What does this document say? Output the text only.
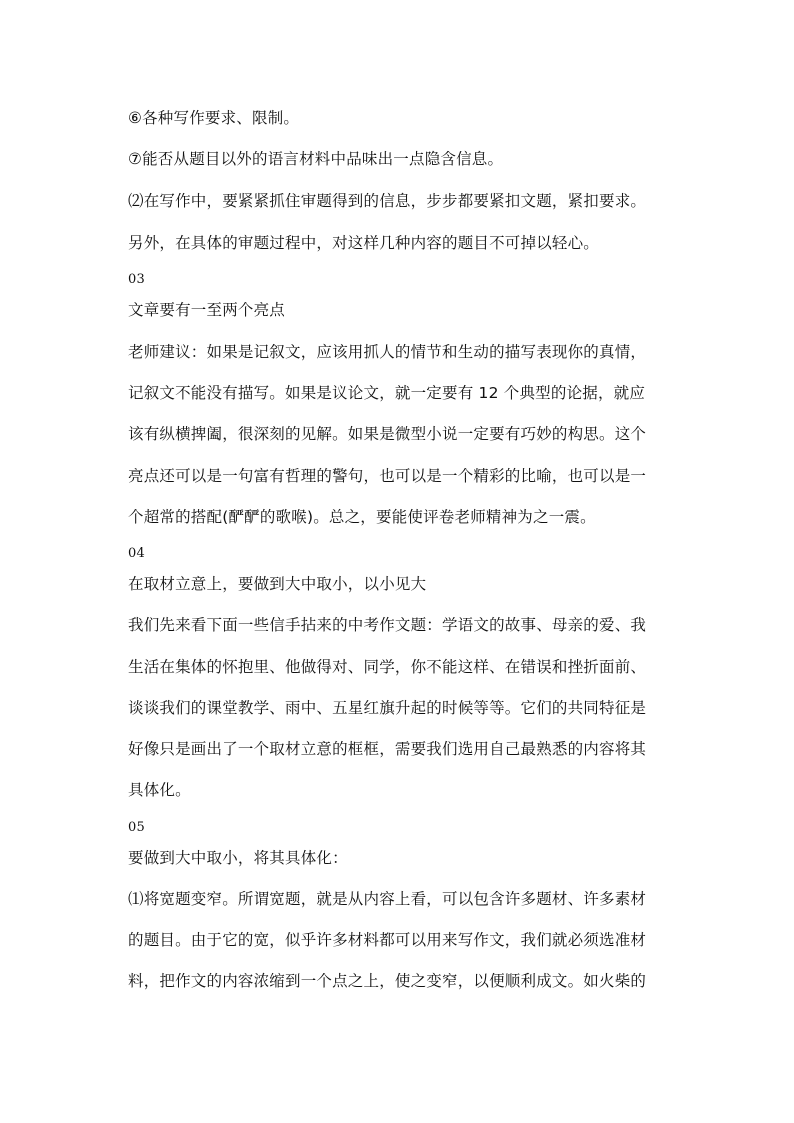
⑥各种写作要求、限制。
⑦能否从题目以外的语言材料中品味出一点隐含信息。
⑵在写作中，要紧紧抓住审题得到的信息，步步都要紧扣文题，紧扣要求。
另外，在具体的审题过程中，对这样几种内容的题目不可掉以轻心。
03
文章要有一至两个亮点
老师建议：如果是记叙文，应该用抓人的情节和生动的描写表现你的真情，
记叙文不能没有描写。如果是议论文，就一定要有 12 个典型的论据，就应
该有纵横捭阖，很深刻的见解。如果是微型小说一定要有巧妙的构思。这个
亮点还可以是一句富有哲理的警句，也可以是一个精彩的比喻，也可以是一
个超常的搭配(酽酽的歌喉)。总之，要能使评卷老师精神为之一震。
04
在取材立意上，要做到大中取小，以小见大
我们先来看下面一些信手拈来的中考作文题：学语文的故事、母亲的爱、我
生活在集体的怀抱里、他做得对、同学，你不能这样、在错误和挫折面前、
谈谈我们的课堂教学、雨中、五星红旗升起的时候等等。它们的共同特征是
好像只是画出了一个取材立意的框框，需要我们选用自己最熟悉的内容将其
具体化。
05
要做到大中取小，将其具体化：
⑴将宽题变窄。所谓宽题，就是从内容上看，可以包含许多题材、许多素材
的题目。由于它的宽，似乎许多材料都可以用来写作文，我们就必须选准材
料，把作文的内容浓缩到一个点之上，使之变窄，以便顺利成文。如火柴的
